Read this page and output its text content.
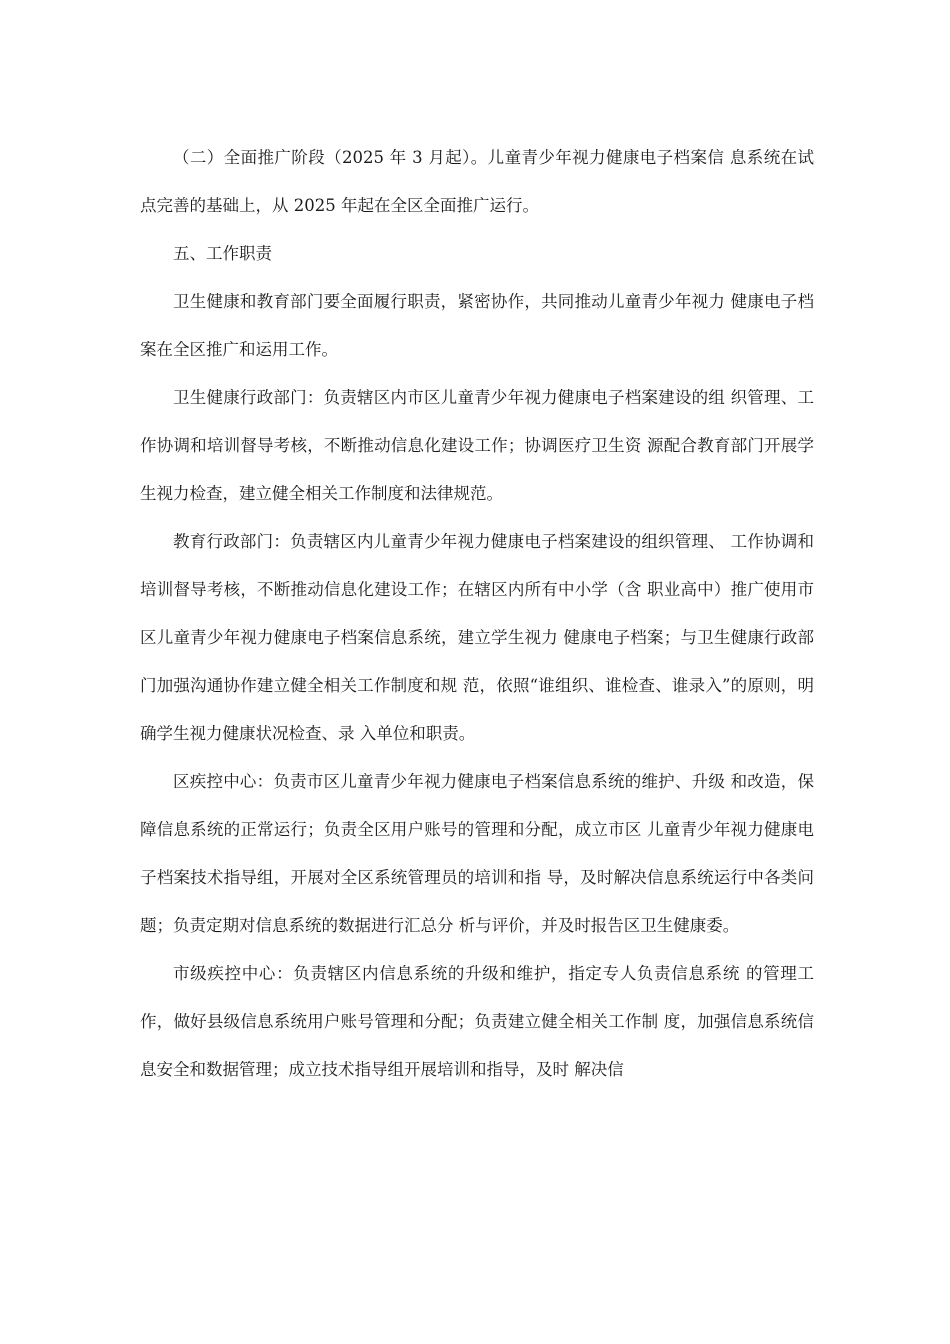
（二）全面推广阶段（2025 年 3 月起）。儿童青少年视力健康电子档案信 息系统在试点完善的基础上，从 2025 年起在全区全面推广运行。

五、工作职责

卫生健康和教育部门要全面履行职责，紧密协作，共同推动儿童青少年视力 健康电子档案在全区推广和运用工作。

卫生健康行政部门：负责辖区内市区儿童青少年视力健康电子档案建设的组 织管理、工作协调和培训督导考核，不断推动信息化建设工作；协调医疗卫生资 源配合教育部门开展学生视力检查，建立健全相关工作制度和法律规范。

教育行政部门：负责辖区内儿童青少年视力健康电子档案建设的组织管理、 工作协调和培训督导考核，不断推动信息化建设工作；在辖区内所有中小学（含 职业高中）推广使用市区儿童青少年视力健康电子档案信息系统，建立学生视力 健康电子档案；与卫生健康行政部门加强沟通协作建立健全相关工作制度和规 范，依照“谁组织、谁检查、谁录入”的原则，明确学生视力健康状况检查、录 入单位和职责。

区疾控中心：负责市区儿童青少年视力健康电子档案信息系统的维护、升级 和改造，保障信息系统的正常运行；负责全区用户账号的管理和分配，成立市区 儿童青少年视力健康电子档案技术指导组，开展对全区系统管理员的培训和指 导，及时解决信息系统运行中各类问题；负责定期对信息系统的数据进行汇总分 析与评价，并及时报告区卫生健康委。

市级疾控中心：负责辖区内信息系统的升级和维护，指定专人负责信息系统 的管理工作，做好县级信息系统用户账号管理和分配；负责建立健全相关工作制 度，加强信息系统信息安全和数据管理；成立技术指导组开展培训和指导，及时 解决信
